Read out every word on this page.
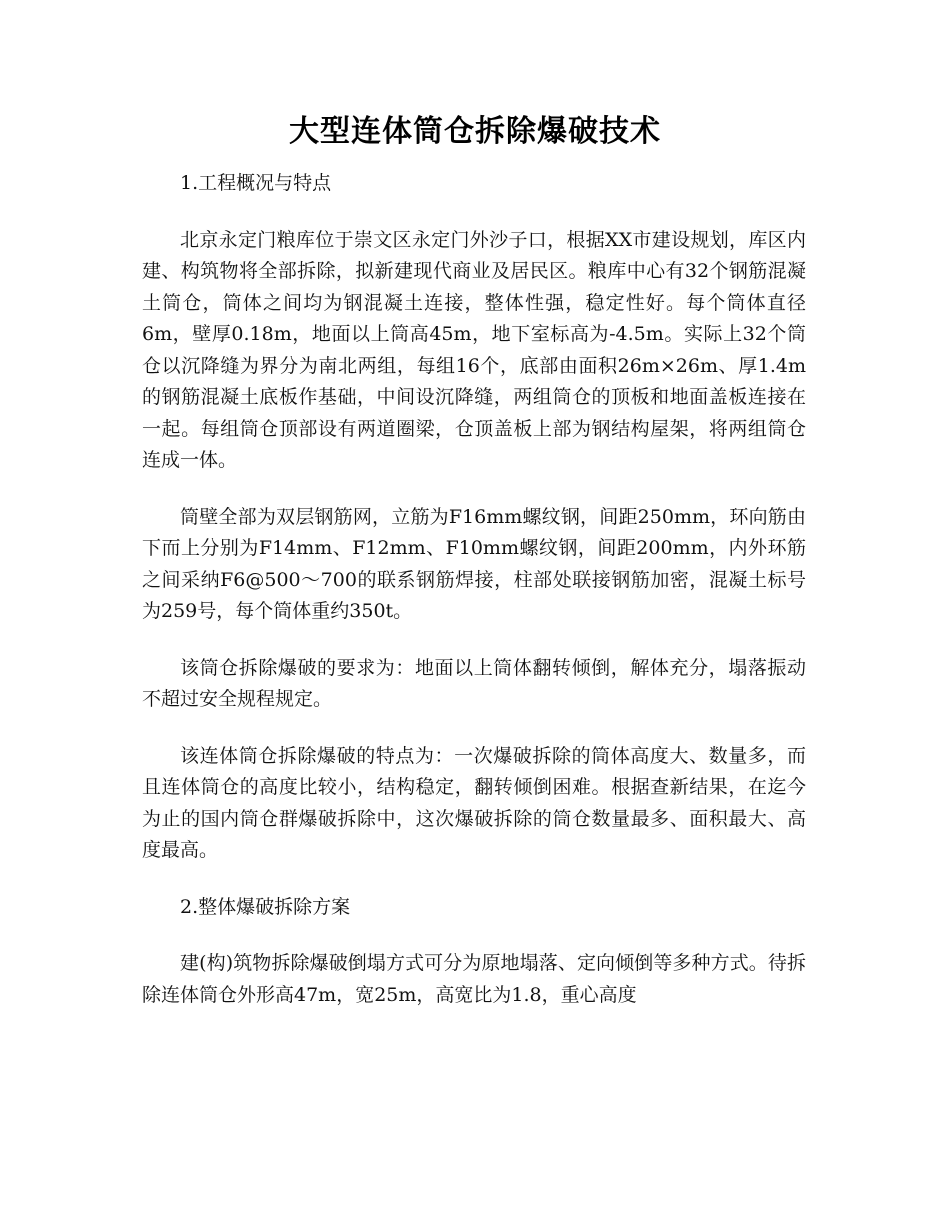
大型连体筒仓拆除爆破技术

1.工程概况与特点

北京永定门粮库位于崇文区永定门外沙子口，根据XX市建设规划，库区内建、构筑物将全部拆除，拟新建现代商业及居民区。粮库中心有32个钢筋混凝土筒仓，筒体之间均为钢混凝土连接，整体性强，稳定性好。每个筒体直径6m，壁厚0.18m，地面以上筒高45m，地下室标高为-4.5m。实际上32个筒仓以沉降缝为界分为南北两组，每组16个，底部由面积26m×26m、厚1.4m的钢筋混凝土底板作基础，中间设沉降缝，两组筒仓的顶板和地面盖板连接在一起。每组筒仓顶部设有两道圈梁，仓顶盖板上部为钢结构屋架，将两组筒仓连成一体。

筒壁全部为双层钢筋网，立筋为F16mm螺纹钢，间距250mm，环向筋由下而上分别为F14mm、F12mm、F10mm螺纹钢，间距200mm，内外环筋之间采纳F6@500～700的联系钢筋焊接，柱部处联接钢筋加密，混凝土标号为259号，每个筒体重约350t。

该筒仓拆除爆破的要求为：地面以上筒体翻转倾倒，解体充分，塌落振动不超过安全规程规定。

该连体筒仓拆除爆破的特点为：一次爆破拆除的筒体高度大、数量多，而且连体筒仓的高度比较小，结构稳定，翻转倾倒困难。根据查新结果，在迄今为止的国内筒仓群爆破拆除中，这次爆破拆除的筒仓数量最多、面积最大、高度最高。

2.整体爆破拆除方案

建(构)筑物拆除爆破倒塌方式可分为原地塌落、定向倾倒等多种方式。待拆除连体筒仓外形高47m，宽25m，高宽比为1.8，重心高度
